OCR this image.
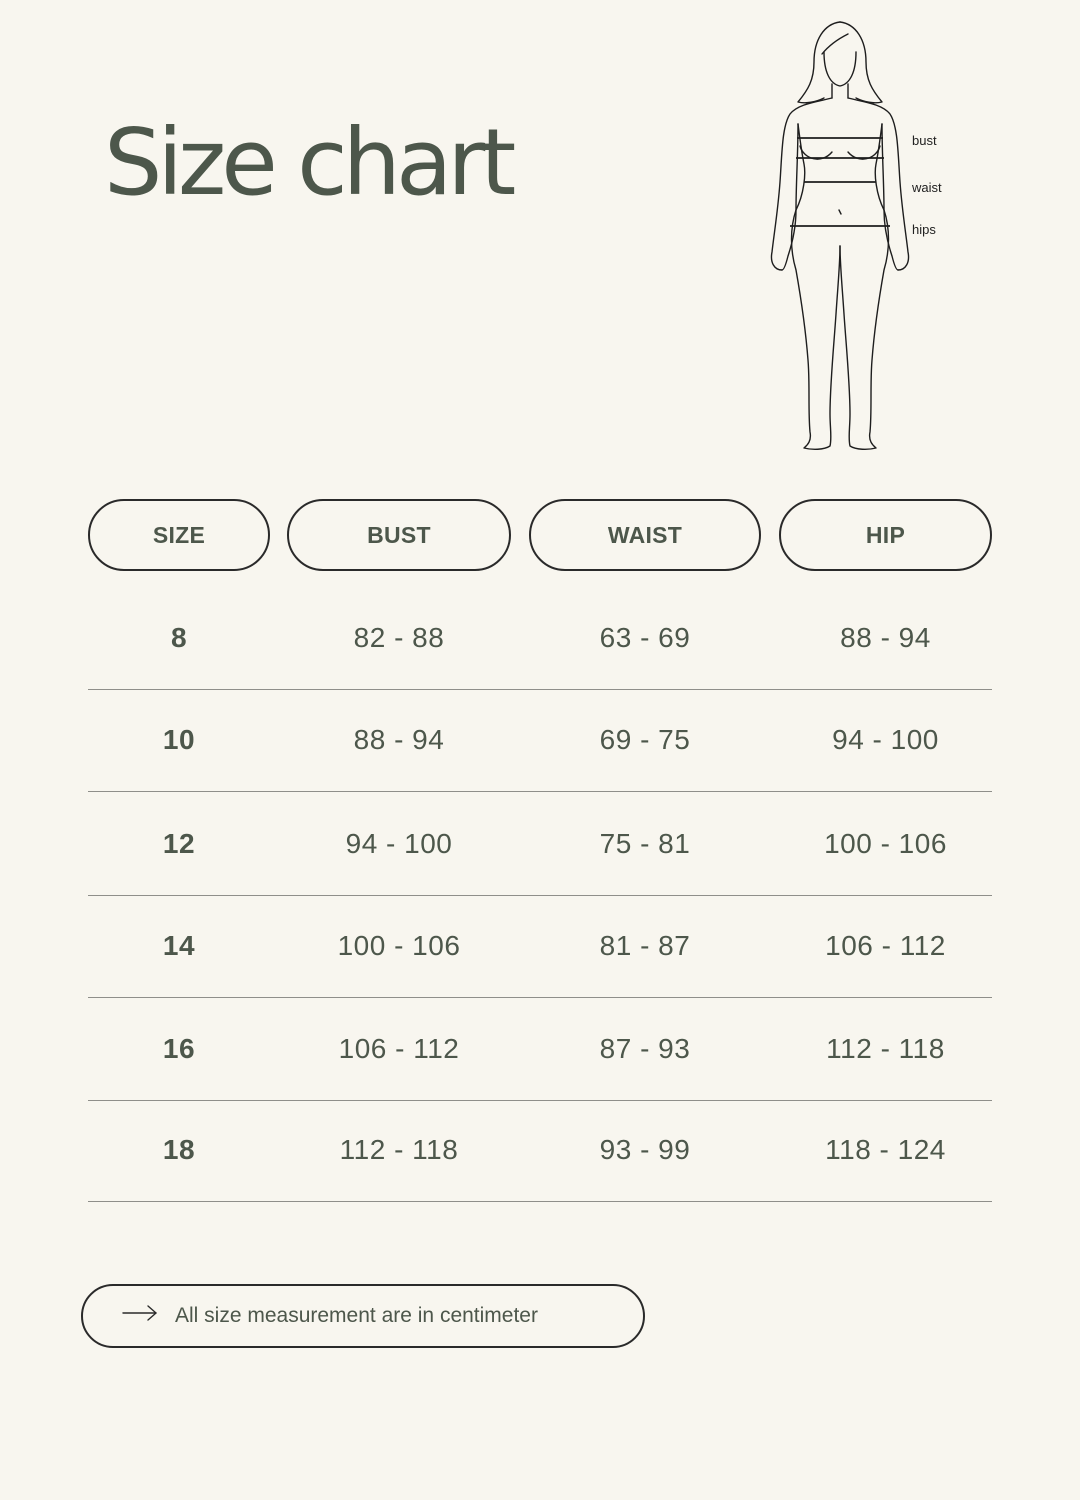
Size chart	bust
waist
hips
SIZE	BUST	WAIST	HIP
8	82 - 88	63 - 69	88 - 94
10	88 - 94	69 - 75	94 - 100
12	94 - 100	75 - 81	100 - 106
14	100 - 106	81 - 87	106 - 112
16	106 - 112	87 - 93	112 - 118
18	112 - 118	93 - 99	118 - 124
All size measurement are in centimeter
